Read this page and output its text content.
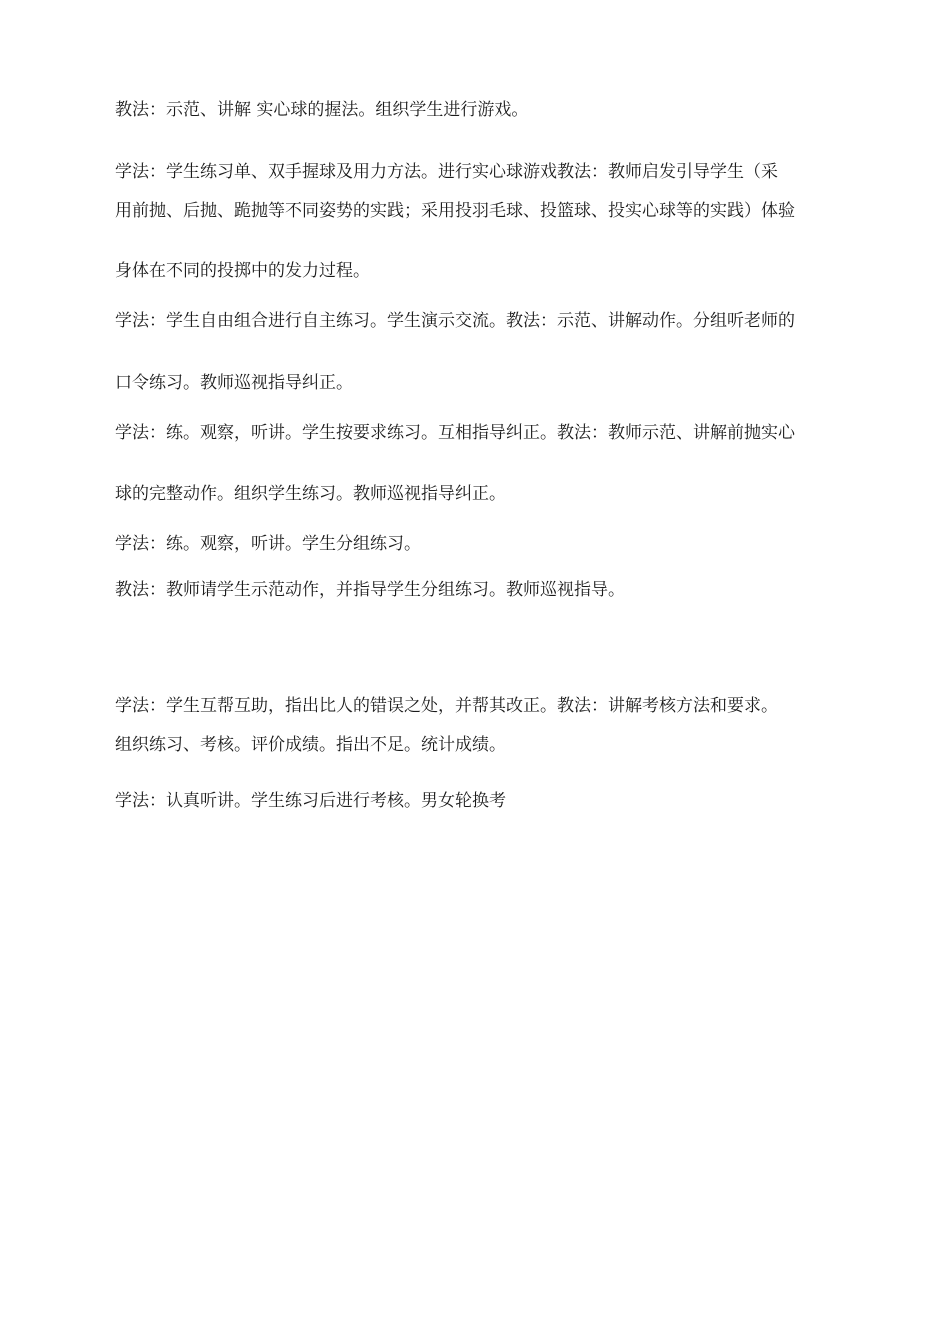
教法：示范、讲解 实心球的握法。组织学生进行游戏。
学法：学生练习单、双手握球及用力方法。进行实心球游戏教法：教师启发引导学生（采
用前抛、后抛、跪抛等不同姿势的实践；采用投羽毛球、投篮球、投实心球等的实践）体验
身体在不同的投掷中的发力过程。
学法：学生自由组合进行自主练习。学生演示交流。教法：示范、讲解动作。分组听老师的
口令练习。教师巡视指导纠正。
学法：练。观察，听讲。学生按要求练习。互相指导纠正。教法：教师示范、讲解前抛实心
球的完整动作。组织学生练习。教师巡视指导纠正。
学法：练。观察，听讲。学生分组练习。
教法：教师请学生示范动作，并指导学生分组练习。教师巡视指导。
学法：学生互帮互助，指出比人的错误之处，并帮其改正。教法：讲解考核方法和要求。
组织练习、考核。评价成绩。指出不足。统计成绩。
学法：认真听讲。学生练习后进行考核。男女轮换考
